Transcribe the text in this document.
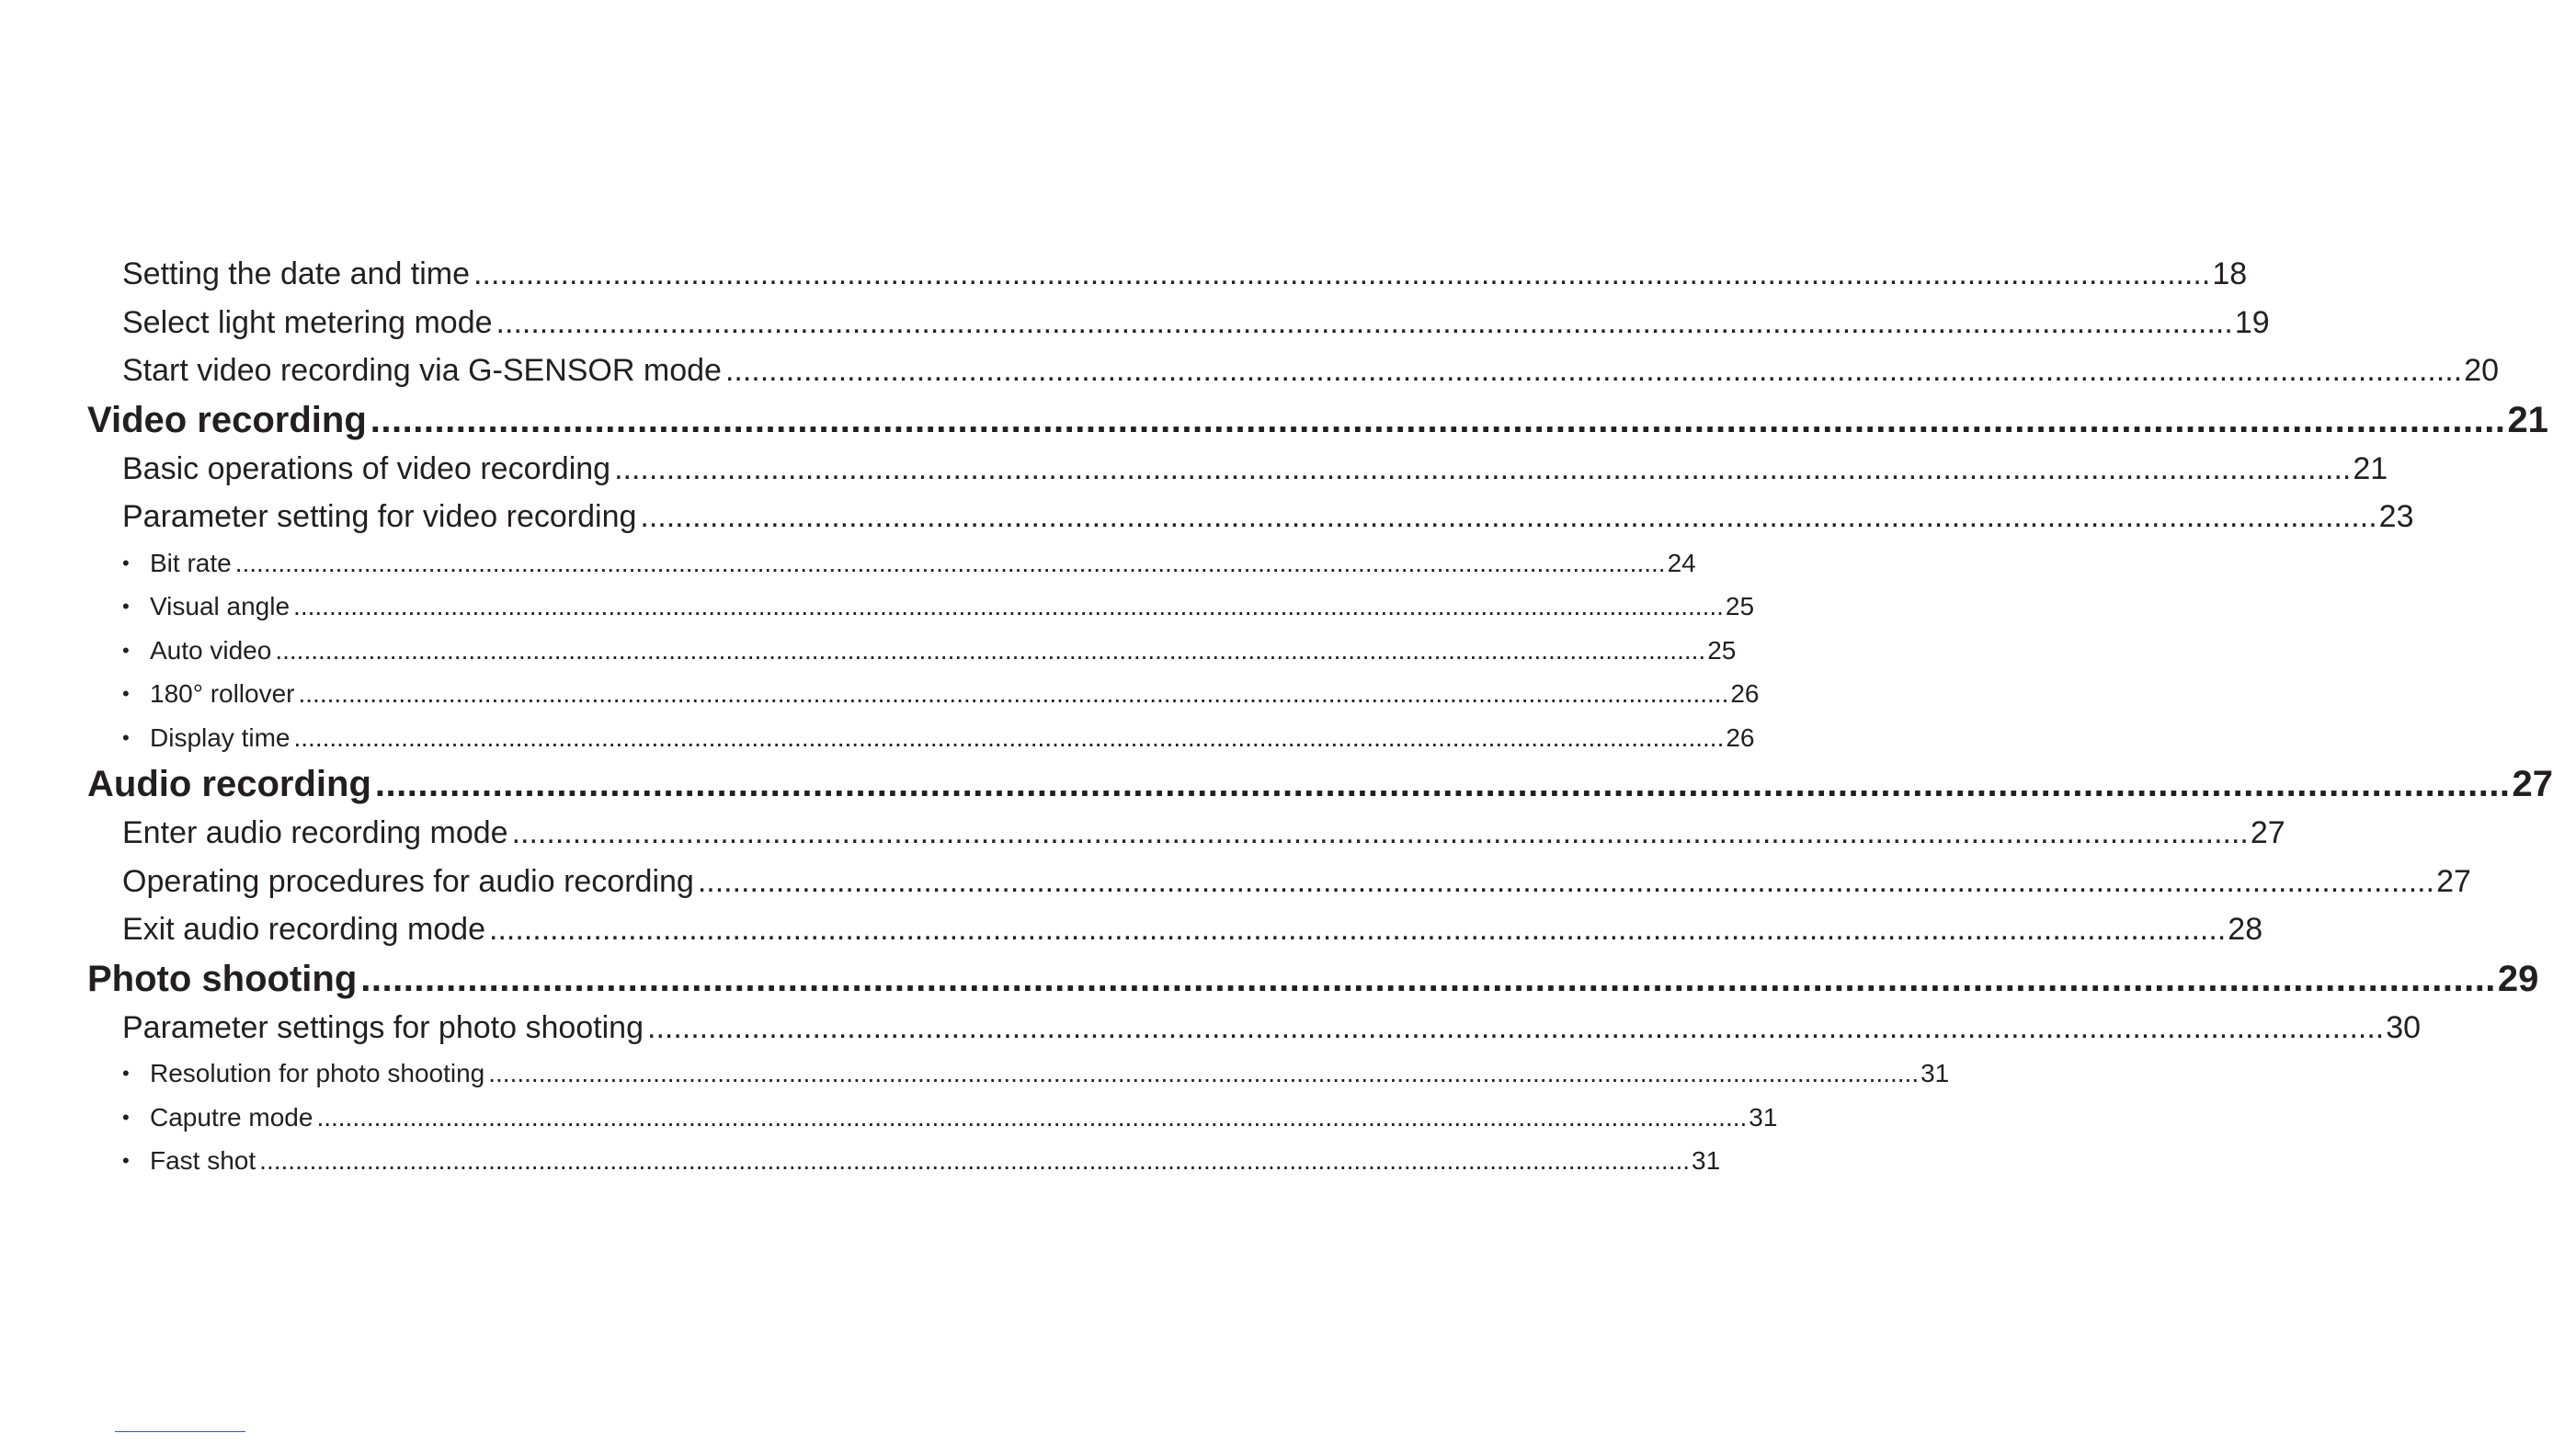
Setting the date and time ........................................................................................................................................................................................................ 18
Select light metering mode ........................................................................................................................................................................................................ 19
Start video recording via G-SENSOR mode ........................................................................................................................................................................................................ 20
Video recording ........................................................................................................................................................................................................ 21
Basic operations of video recording ........................................................................................................................................................................................................ 21
Parameter setting for video recording ........................................................................................................................................................................................................ 23
• Bit rate ........................................................................................................................................................................................................ 24
• Visual angle ........................................................................................................................................................................................................ 25
• Auto video ........................................................................................................................................................................................................ 25
• 180° rollover ........................................................................................................................................................................................................ 26
• Display time ........................................................................................................................................................................................................ 26
Audio recording ........................................................................................................................................................................................................ 27
Enter audio recording mode ........................................................................................................................................................................................................ 27
Operating procedures for audio recording ........................................................................................................................................................................................................ 27
Exit audio recording mode ........................................................................................................................................................................................................ 28
Photo shooting ........................................................................................................................................................................................................ 29
Parameter settings for photo shooting ........................................................................................................................................................................................................ 30
• Resolution for photo shooting ........................................................................................................................................................................................................ 31
• Caputre mode ........................................................................................................................................................................................................ 31
• Fast shot ........................................................................................................................................................................................................ 31
